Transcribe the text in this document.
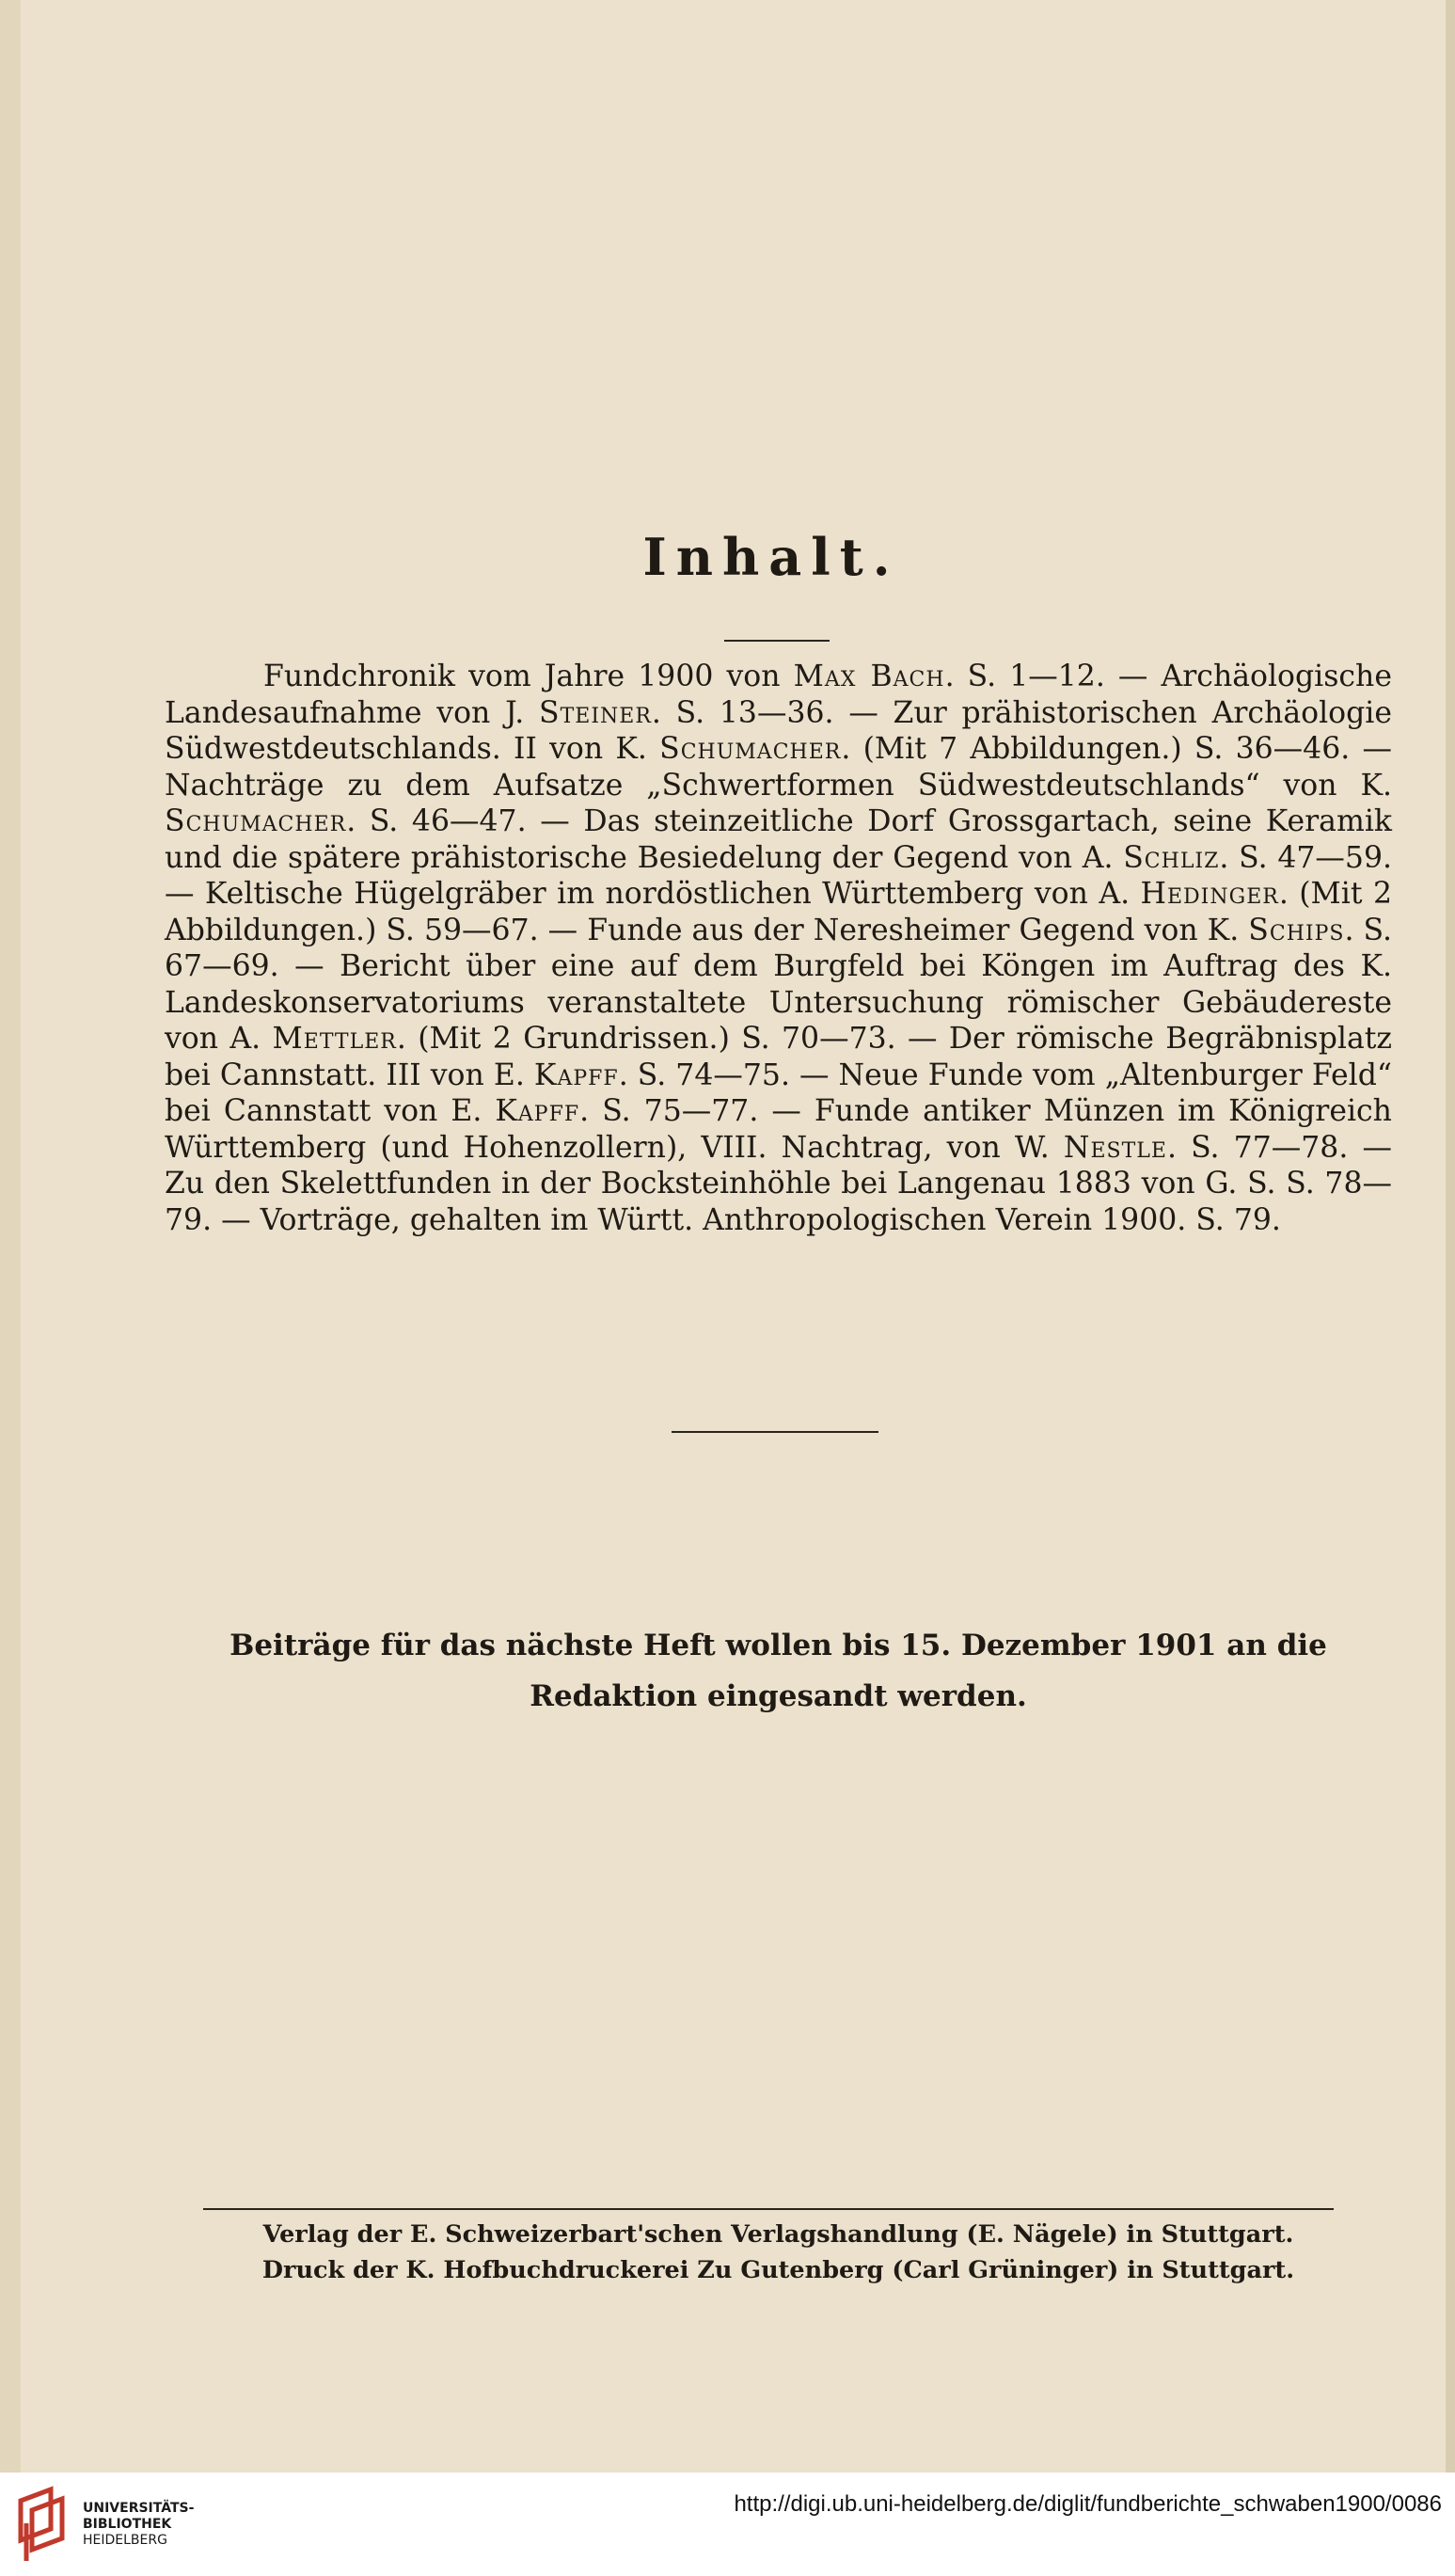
Inhalt.

Fundchronik vom Jahre 1900 von Max Bach. S. 1—12. — Archäologische Landesaufnahme von J. Steiner. S. 13—36. — Zur prähistorischen Archäologie Südwestdeutschlands. II von K. Schumacher. (Mit 7 Abbildungen.) S. 36—46. — Nachträge zu dem Aufsatze „Schwertformen Südwestdeutschlands“ von K. Schumacher. S. 46—47. — Das steinzeitliche Dorf Grossgartach, seine Keramik und die spätere prähistorische Besiedelung der Gegend von A. Schliz. S. 47—59. — Keltische Hügelgräber im nordöstlichen Württemberg von A. Hedinger. (Mit 2 Abbildungen.) S. 59—67. — Funde aus der Neresheimer Gegend von K. Schips. S. 67—69. — Bericht über eine auf dem Burgfeld bei Köngen im Auftrag des K. Landeskonservatoriums veranstaltete Untersuchung römischer Gebäudereste von A. Mettler. (Mit 2 Grundrissen.) S. 70—73. — Der römische Begräbnisplatz bei Cannstatt. III von E. Kapff. S. 74—75. — Neue Funde vom „Altenburger Feld“ bei Cannstatt von E. Kapff. S. 75—77. — Funde antiker Münzen im Königreich Württemberg (und Hohenzollern), VIII. Nachtrag, von W. Nestle. S. 77—78. — Zu den Skelettfunden in der Bocksteinhöhle bei Langenau 1883 von G. S. S. 78—79. — Vorträge, gehalten im Württ. Anthropologischen Verein 1900. S. 79.

Beiträge für das nächste Heft wollen bis 15. Dezember 1901 an die
Redaktion eingesandt werden.

Verlag der E. Schweizerbart'schen Verlagshandlung (E. Nägele) in Stuttgart.
Druck der K. Hofbuchdruckerei Zu Gutenberg (Carl Grüninger) in Stuttgart.

UNIVERSITÄTS-
BIBLIOTHEK
HEIDELBERG
http://digi.ub.uni-heidelberg.de/diglit/fundberichte_schwaben1900/0086
